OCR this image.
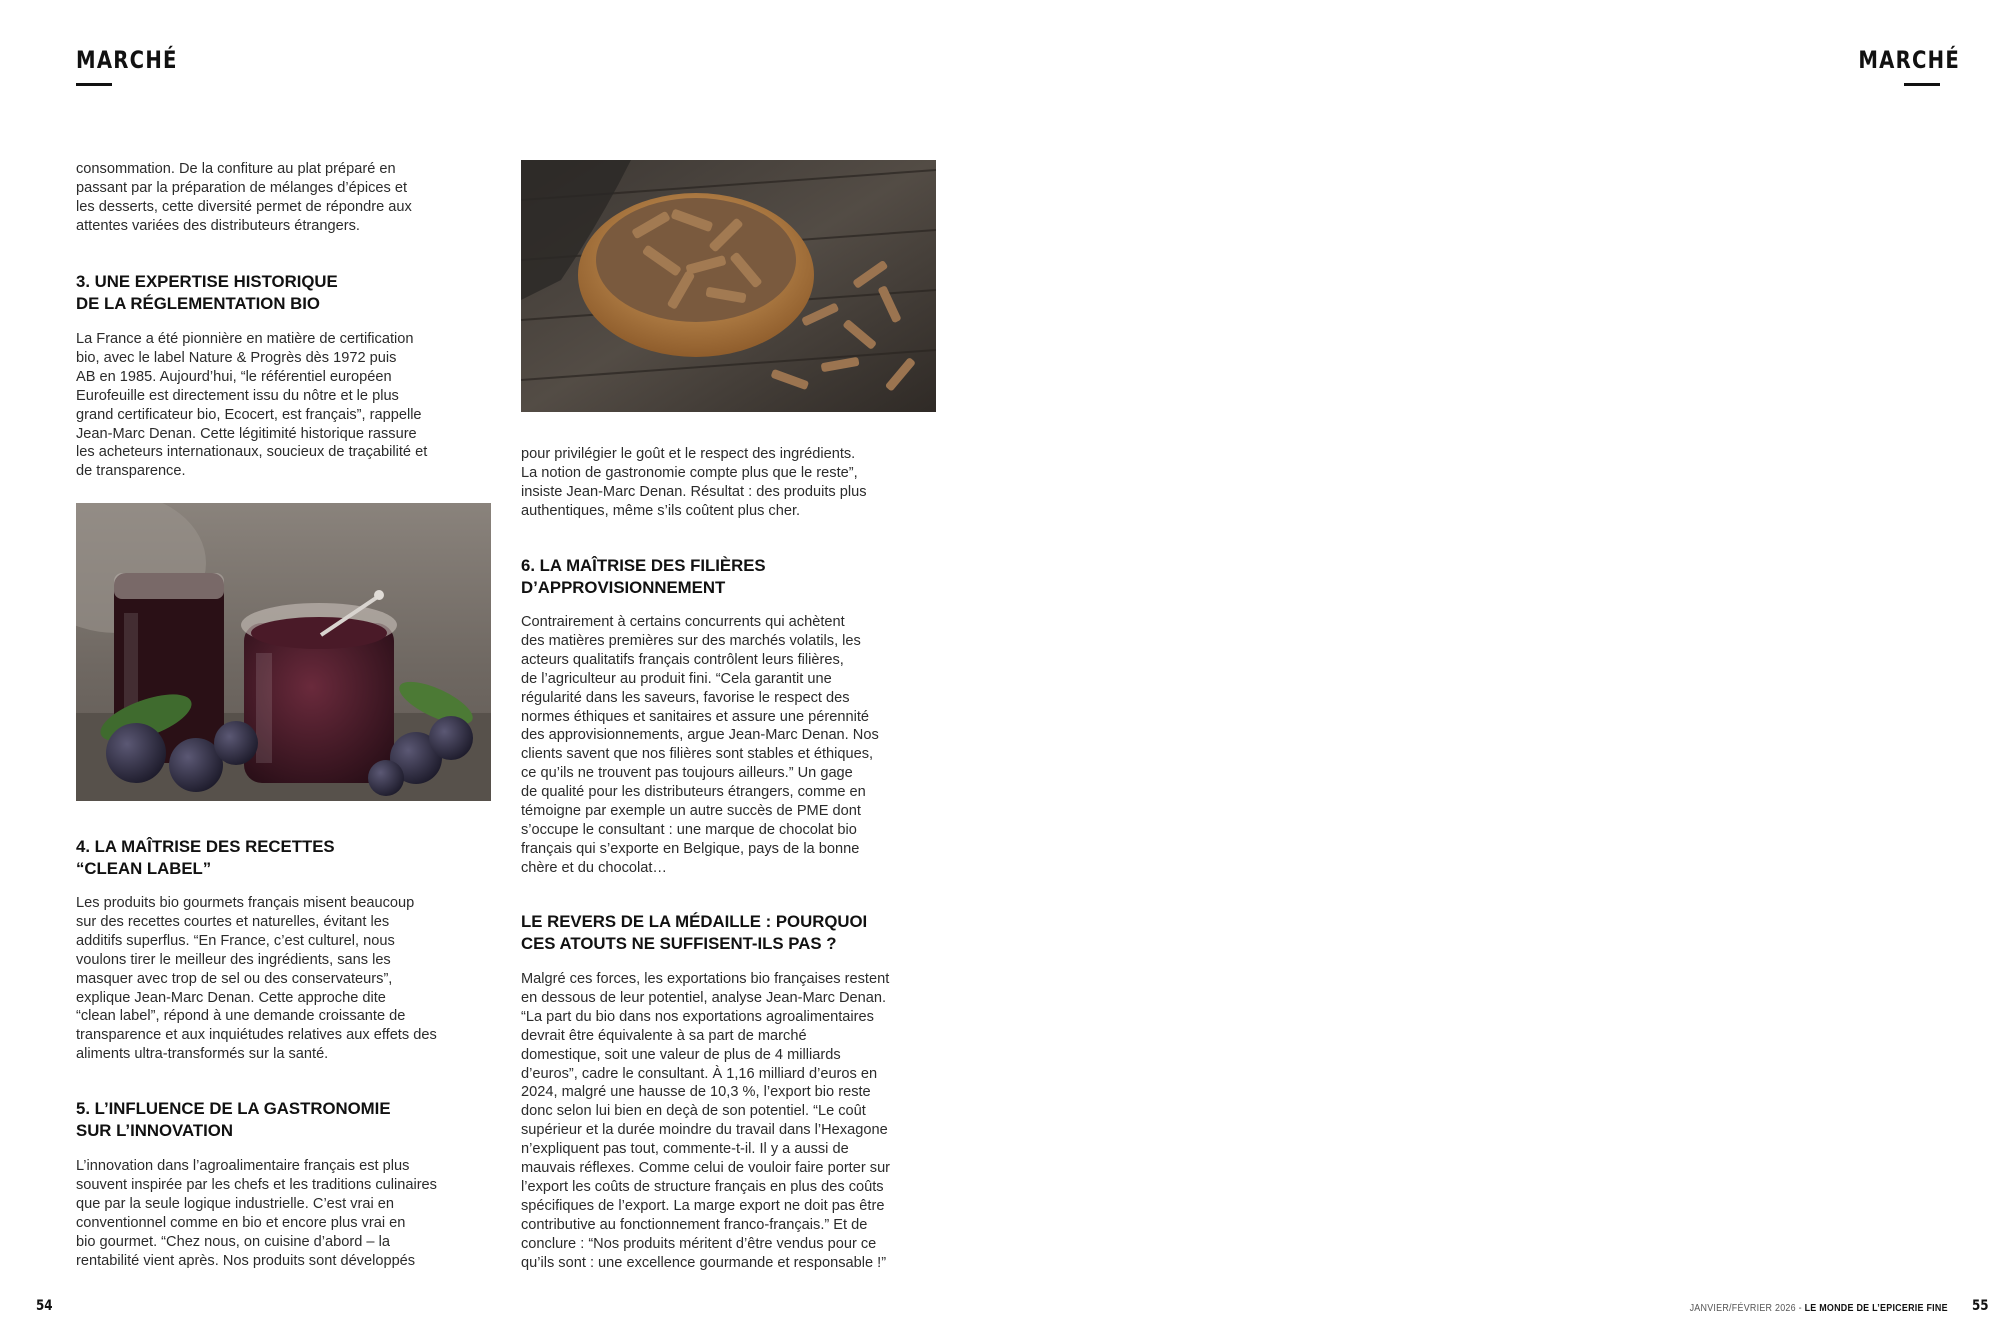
MARCHÉ	MARCHÉ

consommation. De la confiture au plat préparé en
passant par la préparation de mélanges d’épices et
les desserts, cette diversité permet de répondre aux
attentes variées des distributeurs étrangers.

3. UNE EXPERTISE HISTORIQUE
DE LA RÉGLEMENTATION BIO

La France a été pionnière en matière de certification
bio, avec le label Nature & Progrès dès 1972 puis
AB en 1985. Aujourd’hui, “le référentiel européen
Eurofeuille est directement issu du nôtre et le plus
grand certificateur bio, Ecocert, est français”, rappelle
Jean-Marc Denan. Cette légitimité historique rassure
les acheteurs internationaux, soucieux de traçabilité et
de transparence.

4. LA MAÎTRISE DES RECETTES
“CLEAN LABEL”

Les produits bio gourmets français misent beaucoup
sur des recettes courtes et naturelles, évitant les
additifs superflus. “En France, c’est culturel, nous
voulons tirer le meilleur des ingrédients, sans les
masquer avec trop de sel ou des conservateurs”,
explique Jean-Marc Denan. Cette approche dite
“clean label”, répond à une demande croissante de
transparence et aux inquiétudes relatives aux effets des
aliments ultra-transformés sur la santé.

5. L’INFLUENCE DE LA GASTRONOMIE
SUR L’INNOVATION

L’innovation dans l’agroalimentaire français est plus
souvent inspirée par les chefs et les traditions culinaires
que par la seule logique industrielle. C’est vrai en
conventionnel comme en bio et encore plus vrai en
bio gourmet. “Chez nous, on cuisine d’abord – la
rentabilité vient après. Nos produits sont développés

pour privilégier le goût et le respect des ingrédients.
La notion de gastronomie compte plus que le reste”,
insiste Jean-Marc Denan. Résultat : des produits plus
authentiques, même s’ils coûtent plus cher.

6. LA MAÎTRISE DES FILIÈRES
D’APPROVISIONNEMENT

Contrairement à certains concurrents qui achètent
des matières premières sur des marchés volatils, les
acteurs qualitatifs français contrôlent leurs filières,
de l’agriculteur au produit fini. “Cela garantit une
régularité dans les saveurs, favorise le respect des
normes éthiques et sanitaires et assure une pérennité
des approvisionnements, argue Jean-Marc Denan. Nos
clients savent que nos filières sont stables et éthiques,
ce qu’ils ne trouvent pas toujours ailleurs.” Un gage
de qualité pour les distributeurs étrangers, comme en
témoigne par exemple un autre succès de PME dont
s’occupe le consultant : une marque de chocolat bio
français qui s’exporte en Belgique, pays de la bonne
chère et du chocolat…

LE REVERS DE LA MÉDAILLE : POURQUOI
CES ATOUTS NE SUFFISENT-ILS PAS ?

Malgré ces forces, les exportations bio françaises restent
en dessous de leur potentiel, analyse Jean-Marc Denan.
“La part du bio dans nos exportations agroalimentaires
devrait être équivalente à sa part de marché
domestique, soit une valeur de plus de 4 milliards
d’euros”, cadre le consultant. À 1,16 milliard d’euros en
2024, malgré une hausse de 10,3 %, l’export bio reste
donc selon lui bien en deçà de son potentiel. “Le coût
supérieur et la durée moindre du travail dans l’Hexagone
n’expliquent pas tout, commente-t-il. Il y a aussi de
mauvais réflexes. Comme celui de vouloir faire porter sur
l’export les coûts de structure français en plus des coûts
spécifiques de l’export. La marge export ne doit pas être
contributive au fonctionnement franco-français.” Et de
conclure : “Nos produits méritent d’être vendus pour ce
qu’ils sont : une excellence gourmande et responsable !”

54	JANVIER/FÉVRIER 2026 - LE MONDE DE L’EPICERIE FINE 55
